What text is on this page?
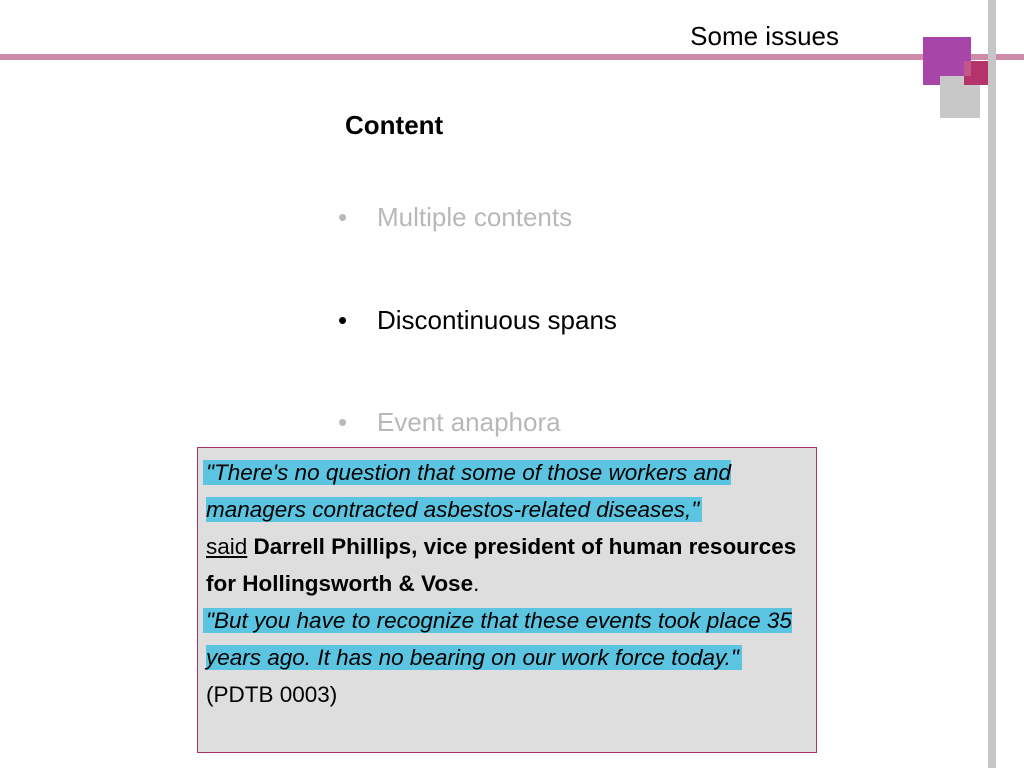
Some issues
Content
• Multiple contents
• Discontinuous spans
• Event anaphora
"There's no question that some of those workers and managers contracted asbestos-related diseases,"
said Darrell Phillips, vice president of human resources for Hollingsworth & Vose.
"But you have to recognize that these events took place 35 years ago. It has no bearing on our work force today."
(PDTB 0003)
